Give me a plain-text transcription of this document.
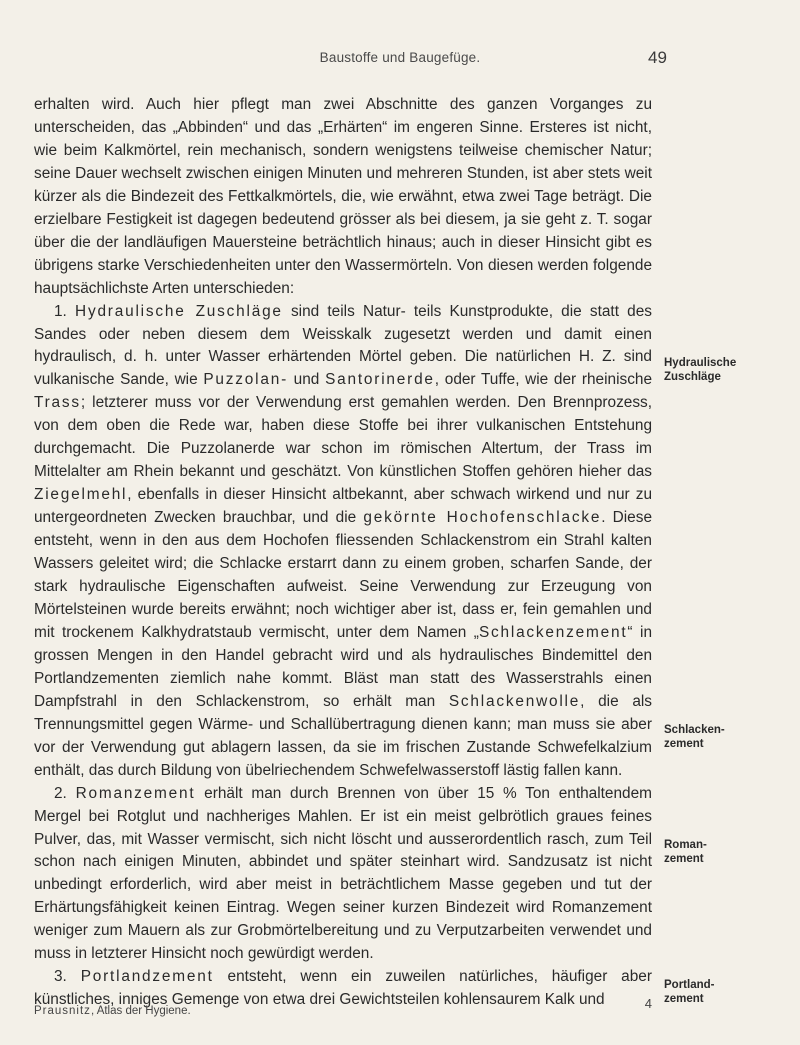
Baustoffe und Baugefüge.	49

erhalten wird. Auch hier pflegt man zwei Abschnitte des ganzen Vorganges zu unterscheiden, das „Abbinden“ und das „Erhärten“ im engeren Sinne. Ersteres ist nicht, wie beim Kalkmörtel, rein mechanisch, sondern wenigstens teilweise chemischer Natur; seine Dauer wechselt zwischen einigen Minuten und mehreren Stunden, ist aber stets weit kürzer als die Bindezeit des Fettkalkmörtels, die, wie erwähnt, etwa zwei Tage beträgt. Die erzielbare Festigkeit ist dagegen bedeutend grösser als bei diesem, ja sie geht z. T. sogar über die der landläufigen Mauersteine beträchtlich hinaus; auch in dieser Hinsicht gibt es übrigens starke Verschiedenheiten unter den Wassermörteln. Von diesen werden folgende hauptsächlichste Arten unterschieden:

1. Hydraulische Zuschläge sind teils Natur- teils Kunstprodukte, die statt des Sandes oder neben diesem dem Weisskalk zugesetzt werden und damit einen hydraulisch, d. h. unter Wasser erhärtenden Mörtel geben. Die natürlichen H. Z. sind vulkanische Sande, wie Puzzolan- und Santorinerde, oder Tuffe, wie der rheinische Trass; letzterer muss vor der Verwendung erst gemahlen werden. Den Brennprozess, von dem oben die Rede war, haben diese Stoffe bei ihrer vulkanischen Entstehung durchgemacht. Die Puzzolanerde war schon im römischen Altertum, der Trass im Mittelalter am Rhein bekannt und geschätzt. Von künstlichen Stoffen gehören hieher das Ziegelmehl, ebenfalls in dieser Hinsicht altbekannt, aber schwach wirkend und nur zu untergeordneten Zwecken brauchbar, und die gekörnte Hochofenschlacke. Diese entsteht, wenn in den aus dem Hochofen fliessenden Schlackenstrom ein Strahl kalten Wassers geleitet wird; die Schlacke erstarrt dann zu einem groben, scharfen Sande, der stark hydraulische Eigenschaften aufweist. Seine Verwendung zur Erzeugung von Mörtelsteinen wurde bereits erwähnt; noch wichtiger aber ist, dass er, fein gemahlen und mit trockenem Kalkhydratstaub vermischt, unter dem Namen „Schlackenzement“ in grossen Mengen in den Handel gebracht wird und als hydraulisches Bindemittel den Portlandzementen ziemlich nahe kommt. Bläst man statt des Wasserstrahls einen Dampfstrahl in den Schlackenstrom, so erhält man Schlackenwolle, die als Trennungsmittel gegen Wärme- und Schallübertragung dienen kann; man muss sie aber vor der Verwendung gut ablagern lassen, da sie im frischen Zustande Schwefelkalzium enthält, das durch Bildung von übelriechendem Schwefelwasserstoff lästig fallen kann.

2. Romanzement erhält man durch Brennen von über 15 % Ton enthaltendem Mergel bei Rotglut und nachheriges Mahlen. Er ist ein meist gelbrötlich graues feines Pulver, das, mit Wasser vermischt, sich nicht löscht und ausserordentlich rasch, zum Teil schon nach einigen Minuten, abbindet und später steinhart wird. Sandzusatz ist nicht unbedingt erforderlich, wird aber meist in beträchtlichem Masse gegeben und tut der Erhärtungsfähigkeit keinen Eintrag. Wegen seiner kurzen Bindezeit wird Romanzement weniger zum Mauern als zur Grobmörtelbereitung und zu Verputzarbeiten verwendet und muss in letzterer Hinsicht noch gewürdigt werden.

3. Portlandzement entsteht, wenn ein zuweilen natürliches, häufiger aber künstliches, inniges Gemenge von etwa drei Gewichtsteilen kohlensaurem Kalk und

Hydraulische
Zuschläge
Schlacken-
zement
Roman-
zement
Portland-
zement
Prausnitz, Atlas der Hygiene.	4
